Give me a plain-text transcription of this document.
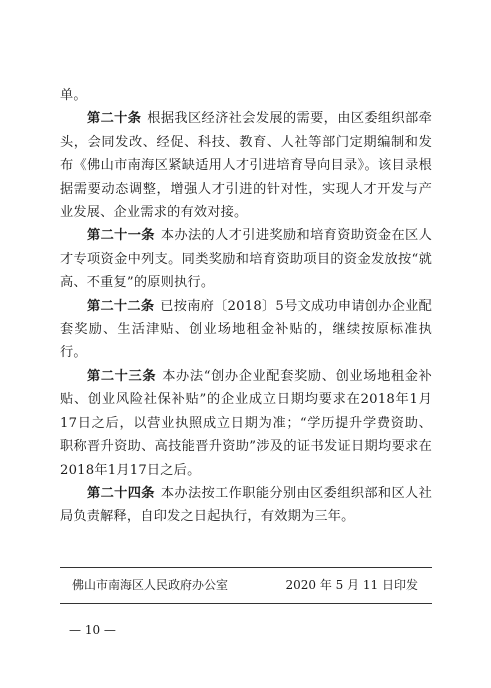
单。

第二十条 根据我区经济社会发展的需要，由区委组织部牵头，会同发改、经促、科技、教育、人社等部门定期编制和发布《佛山市南海区紧缺适用人才引进培育导向目录》。该目录根据需要动态调整，增强人才引进的针对性，实现人才开发与产业发展、企业需求的有效对接。

第二十一条 本办法的人才引进奖励和培育资助资金在区人才专项资金中列支。同类奖励和培育资助项目的资金发放按“就高、不重复”的原则执行。

第二十二条 已按南府〔2018〕5号文成功申请创办企业配套奖励、生活津贴、创业场地租金补贴的，继续按原标准执行。

第二十三条 本办法“创办企业配套奖励、创业场地租金补贴、创业风险社保补贴”的企业成立日期均要求在2018年1月17日之后，以营业执照成立日期为准；“学历提升学费资助、职称晋升资助、高技能晋升资助”涉及的证书发证日期均要求在2018年1月17日之后。

第二十四条 本办法按工作职能分别由区委组织部和区人社局负责解释，自印发之日起执行，有效期为三年。

佛山市南海区人民政府办公室	2020 年 5 月 11 日印发
— 10 —
